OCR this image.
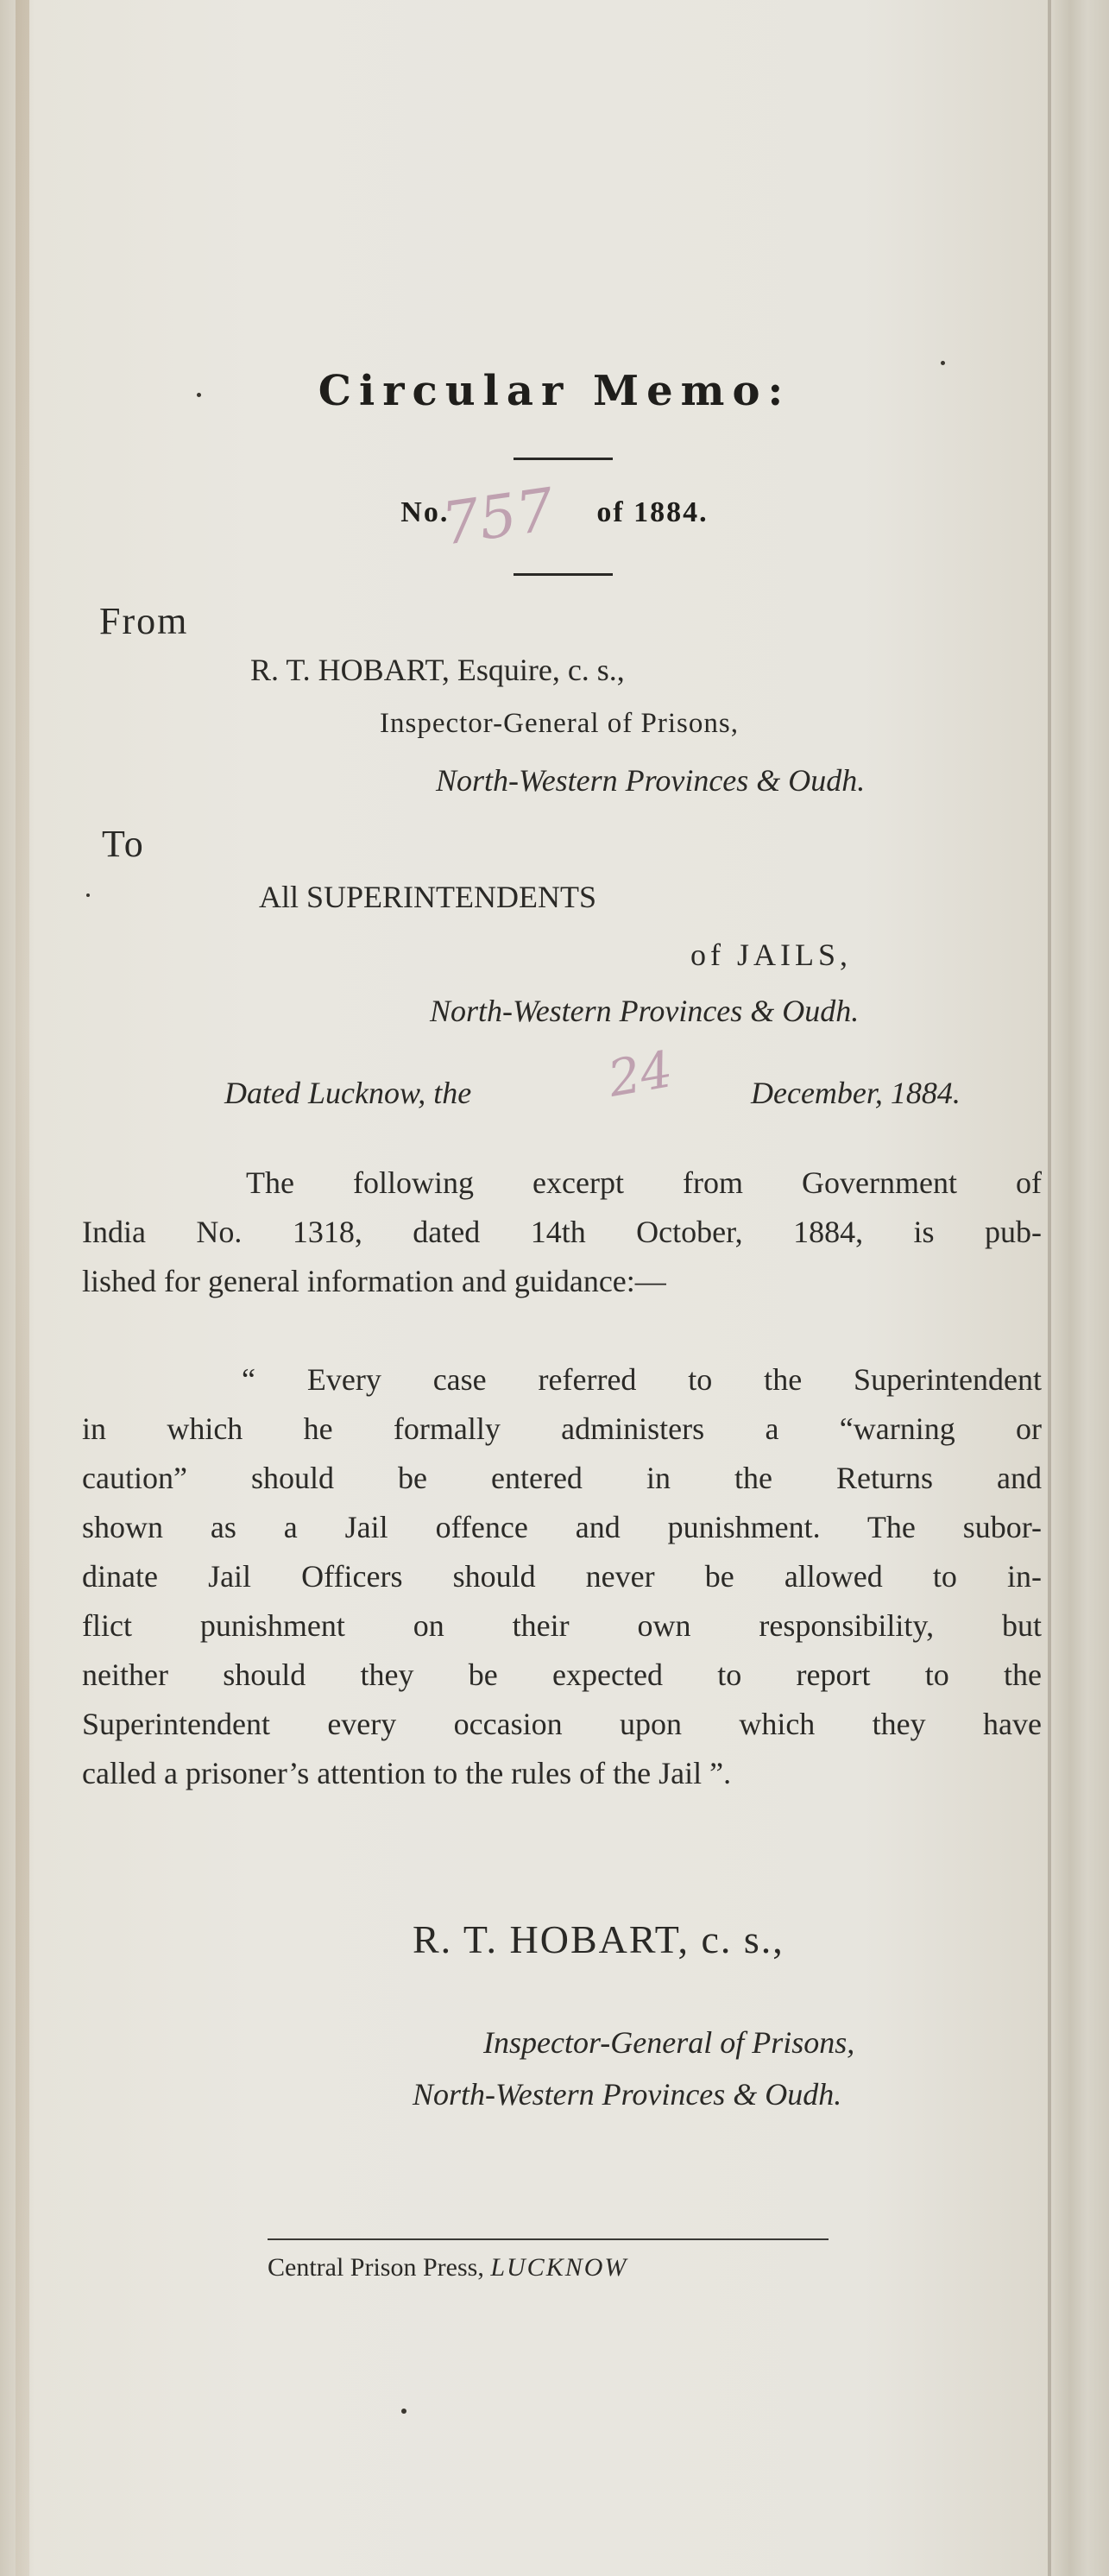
Circular Memo:
No.	of 1884.
757
From
R. T. HOBART, Esquire, c. s.,
Inspector-General of Prisons,
North-Western Provinces & Oudh.
To
All SUPERINTENDENTS
of JAILS,
North-Western Provinces & Oudh.
Dated Lucknow, the	24 December, 1884.
The following excerpt from Government of
India No. 1318, dated 14th October, 1884, is pub-
lished for general information and guidance:—
“ Every case referred to the Superintendent
in which he formally administers a “warning or
caution” should be entered in the Returns and
shown as a Jail offence and punishment. The subor-
dinate Jail Officers should never be allowed to in-
flict punishment on their own responsibility, but
neither should they be expected to report to the
Superintendent every occasion upon which they have
called a prisoner’s attention to the rules of the Jail ”.
R. T. HOBART, c. s.,
Inspector-General of Prisons,
North-Western Provinces & Oudh.
Central Prison Press, LUCKNOW
